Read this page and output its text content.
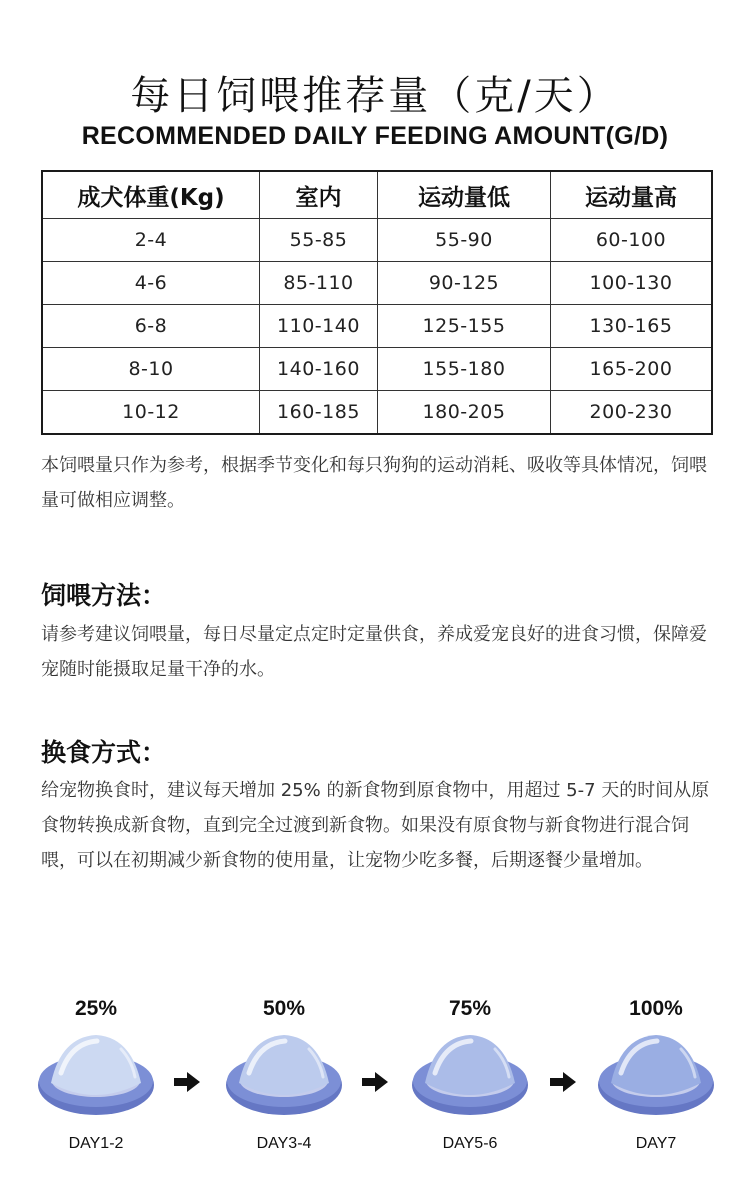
每日饲喂推荐量（克/天）
RECOMMENDED DAILY FEEDING AMOUNT(G/D)
成犬体重(Kg)	室内	运动量低	运动量高
2-4	55-85	55-90	60-100
4-6	85-110	90-125	100-130
6-8	110-140	125-155	130-165
8-10	140-160	155-180	165-200
10-12	160-185	180-205	200-230

本饲喂量只作为参考，根据季节变化和每只狗狗的运动消耗、吸收等具体情况，饲喂量可做相应调整。

饲喂方法：

请参考建议饲喂量，每日尽量定点定时定量供食，养成爱宠良好的进食习惯，保障爱宠随时能摄取足量干净的水。

换食方式：

给宠物换食时，建议每天增加 25% 的新食物到原食物中，用超过 5-7 天的时间从原食物转换成新食物，直到完全过渡到新食物。如果没有原食物与新食物进行混合饲喂，可以在初期减少新食物的使用量，让宠物少吃多餐，后期逐餐少量增加。

25%
DAY1-2
50%
DAY3-4
75%
DAY5-6
100%
DAY7
